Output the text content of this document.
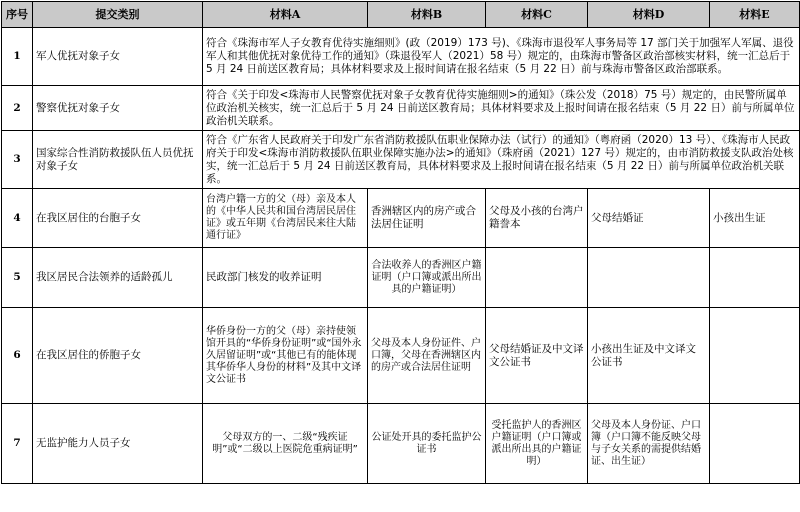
序号	提交类别	材料A	材料B	材料C	材料D	材料E
1	军人优抚对象子女	符合《珠海市军人子女教育优待实施细则》(政（2019）173 号)、《珠海市退役军人事务局等 17 部门关于加强军人军属、退役军人和其他优抚对象优待工作的通知》（珠退役军人（2021）58 号）规定的，由珠海市警备区政治部核实材料，统一汇总后于 5 月 24 日前送区教育局；具体材料要求及上报时间请在报名结束（5 月 22 日）前与珠海市警备区政治部联系。				
2	警察优抚对象子女	符合《关于印发<珠海市人民警察优抚对象子女教育优待实施细则>的通知》（珠公发（2018）75 号）规定的，由民警所属单位政治机关核实，统一汇总后于 5 月 24 日前送区教育局；具体材料要求及上报时间请在报名结束（5 月 22 日）前与所属单位政治机关联系。				
3	国家综合性消防救援队伍人员优抚对象子女	符合《广东省人民政府关于印发广东省消防救援队伍职业保障办法（试行）的通知》（粤府函（2020）13 号）、《珠海市人民政府关于印发<珠海市消防救援队伍职业保障实施办法>的通知》（珠府函（2021）127 号）规定的，由市消防救援支队政治处核实，统一汇总后于 5 月 24 日前送区教育局，具体材料要求及上报时间请在报名结束（5 月 22 日）前与所属单位政治机关联系。				
4	在我区居住的台胞子女	台湾户籍一方的父（母）亲及本人的《中华人民共和国台湾居民居住证》或五年期《台湾居民来往大陆通行证》	香洲辖区内的房产或合法居住证明	父母及小孩的台湾户籍誊本	父母结婚证	小孩出生证
5	我区居民合法领养的适龄孤儿	民政部门核发的收养证明	合法收养人的香洲区户籍证明（户口簿或派出所出具的户籍证明）			
6	在我区居住的侨胞子女	华侨身份一方的父（母）亲持使领馆开具的“华侨身份证明”或“国外永久居留证明”或“其他已有的能体现其华侨华人身份的材料”及其中文译文公证书	父母及本人身份证件、户口簿，父母在香洲辖区内的房产或合法居住证明	父母结婚证及中文译文公证书	小孩出生证及中文译文公证书	
7	无监护能力人员子女	父母双方的一、二级“残疾证明”或“二级以上医院危重病证明”	公证处开具的委托监护公证书	受托监护人的香洲区户籍证明（户口簿或派出所出具的户籍证明）	父母及本人身份证、户口簿（户口簿不能反映父母与子女关系的需提供结婚证、出生证）	
